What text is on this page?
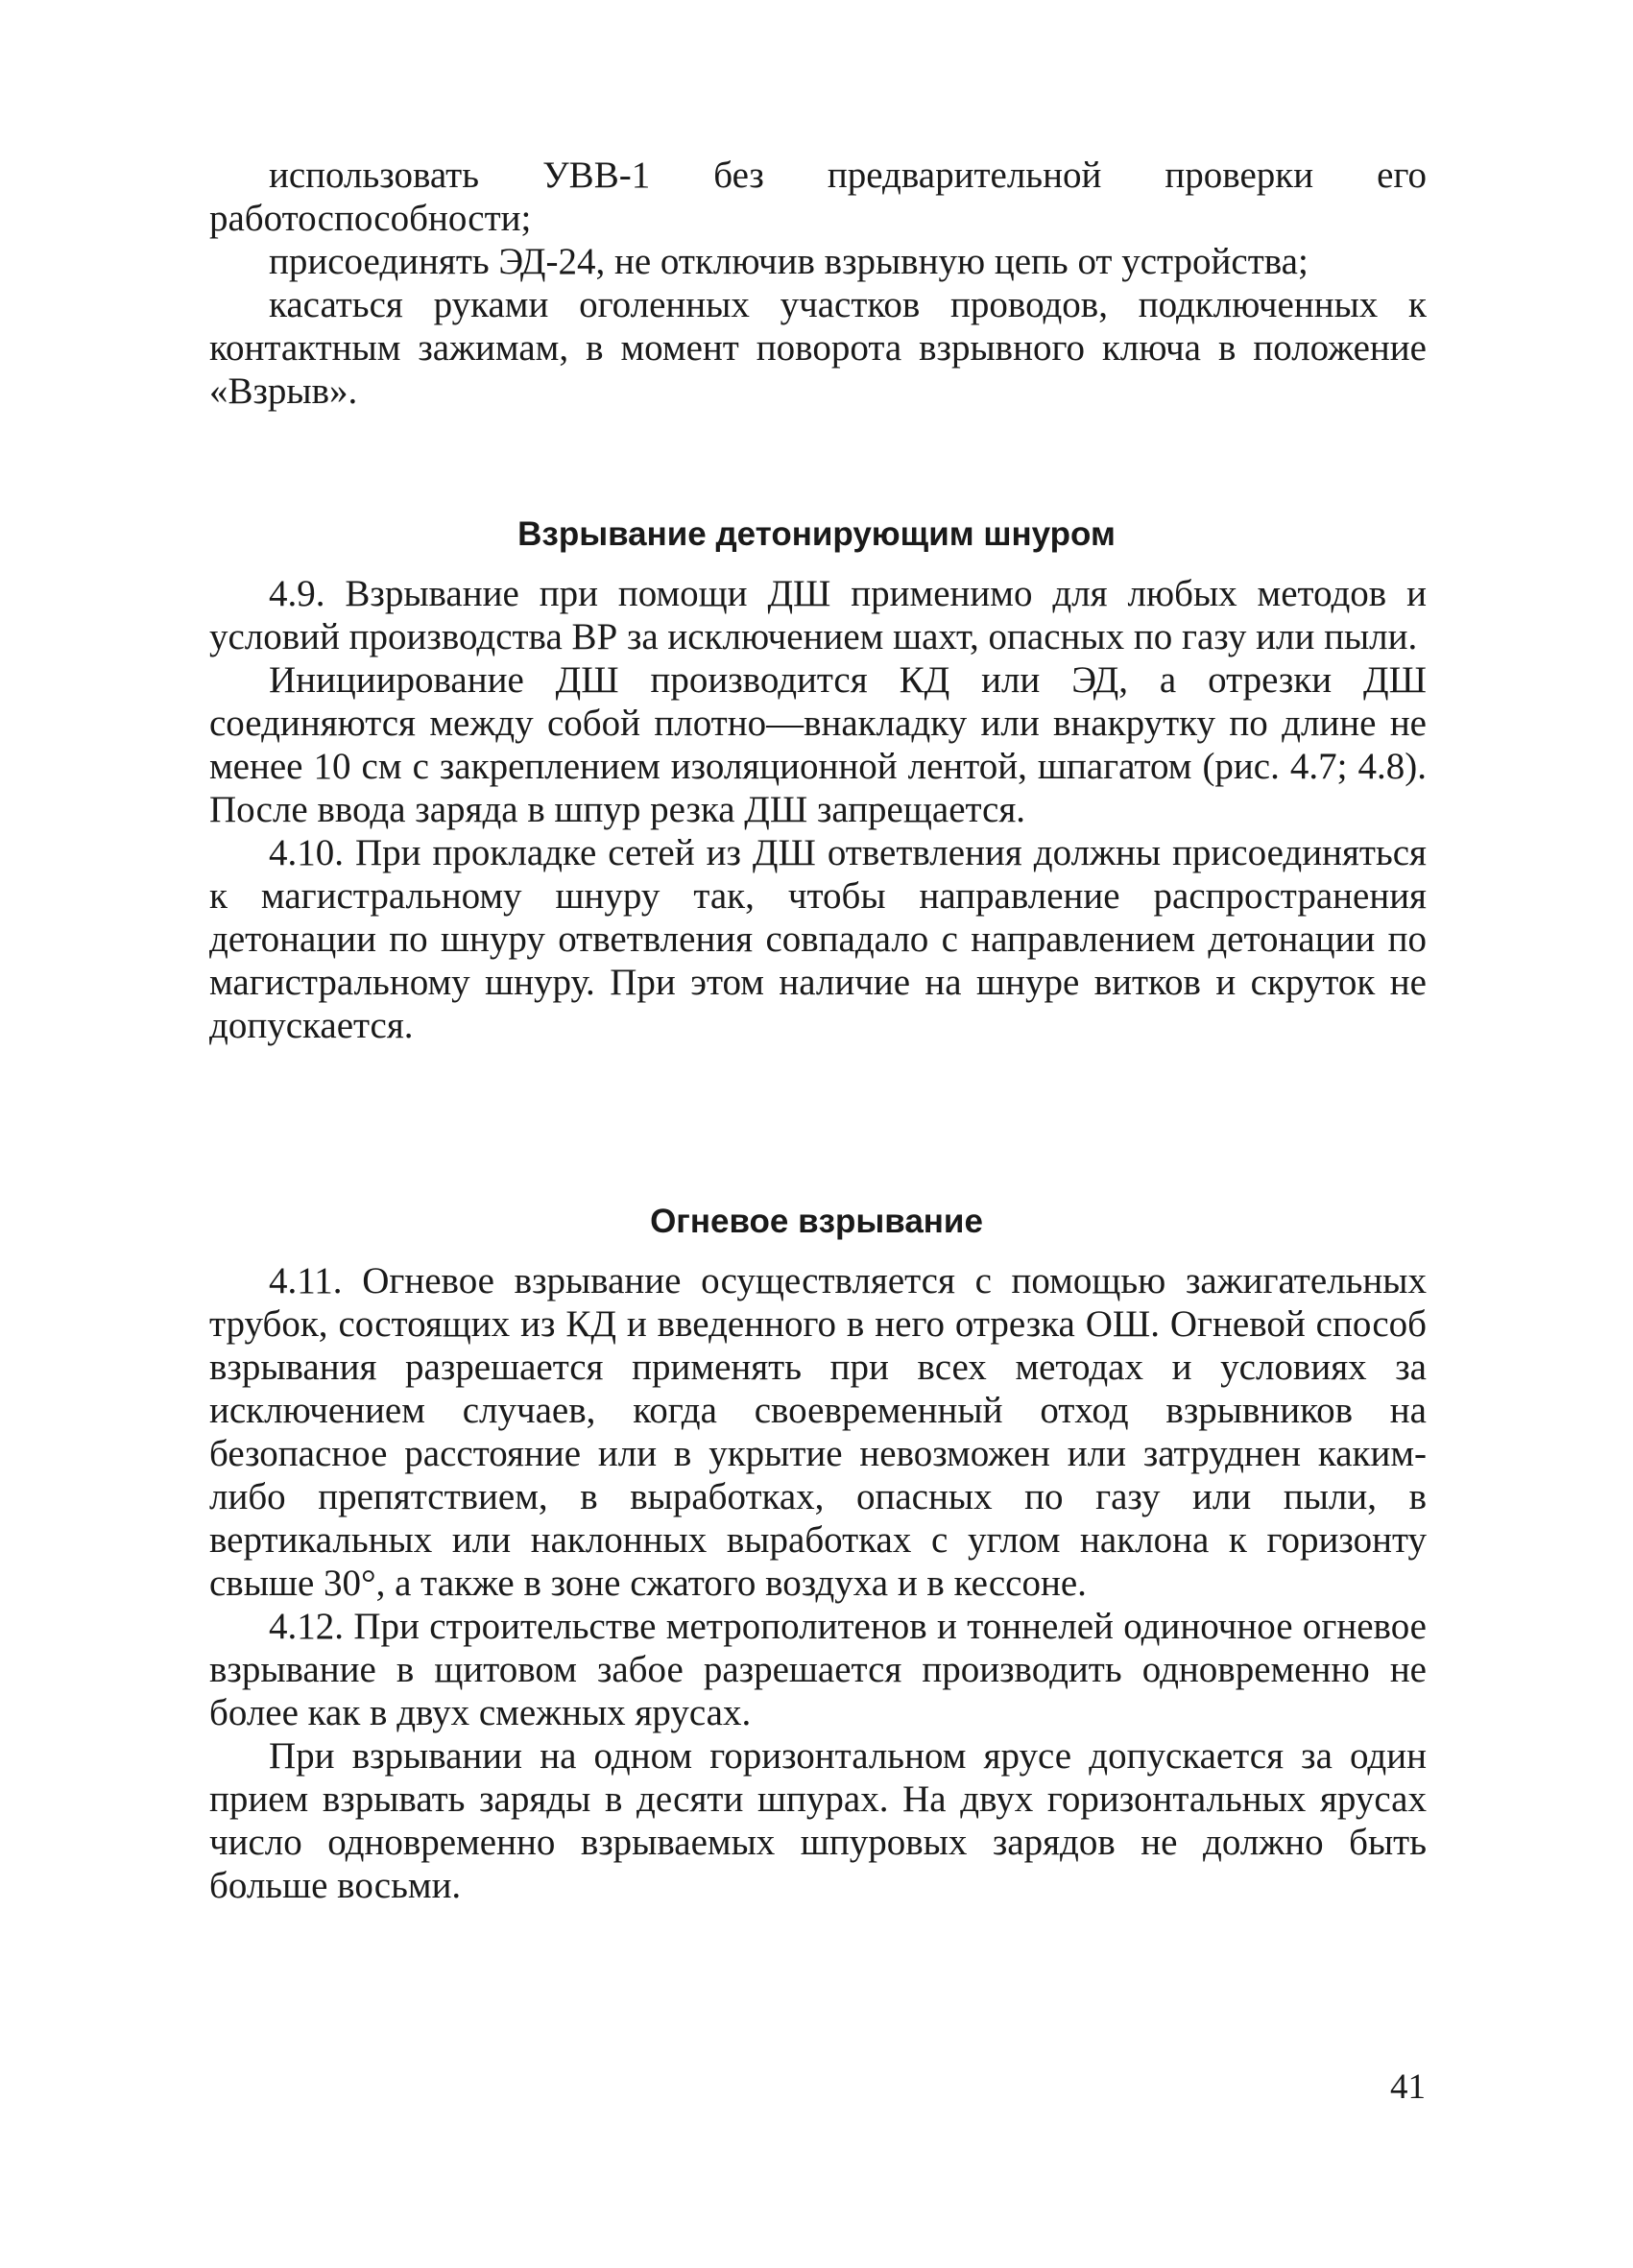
использовать УВВ-1 без предварительной проверки его работоспособности;

присоединять ЭД-24, не отключив взрывную цепь от устройства;

касаться руками оголенных участков проводов, подключенных к контактным зажимам, в момент поворота взрывного ключа в положение «Взрыв».

Взрывание детонирующим шнуром

4.9. Взрывание при помощи ДШ применимо для любых методов и условий производства ВР за исключением шахт, опасных по газу или пыли.

Инициирование ДШ производится КД или ЭД, а отрезки ДШ соединяются между собой плотно—внакладку или внакрутку по длине не менее 10 см с закреплением изоляционной лентой, шпагатом (рис. 4.7; 4.8). После ввода заряда в шпур резка ДШ запрещается.

4.10. При прокладке сетей из ДШ ответвления должны присоединяться к магистральному шнуру так, чтобы направление распространения детонации по шнуру ответвления совпадало с направлением детонации по магистральному шнуру. При этом наличие на шнуре витков и скруток не допускается.

Огневое взрывание

4.11. Огневое взрывание осуществляется с помощью зажигательных трубок, состоящих из КД и введенного в него отрезка ОШ. Огневой способ взрывания разрешается применять при всех методах и условиях за исключением случаев, когда своевременный отход взрывников на безопасное расстояние или в укрытие невозможен или затруднен каким-либо препятствием, в выработках, опасных по газу или пыли, в вертикальных или наклонных выработках с углом наклона к горизонту свыше 30°, а также в зоне сжатого воздуха и в кессоне.

4.12. При строительстве метрополитенов и тоннелей одиночное огневое взрывание в щитовом забое разрешается производить одновременно не более как в двух смежных ярусах.

При взрывании на одном горизонтальном ярусе допускается за один прием взрывать заряды в десяти шпурах. На двух горизонтальных ярусах число одновременно взрываемых шпуровых зарядов не должно быть больше восьми.

41
